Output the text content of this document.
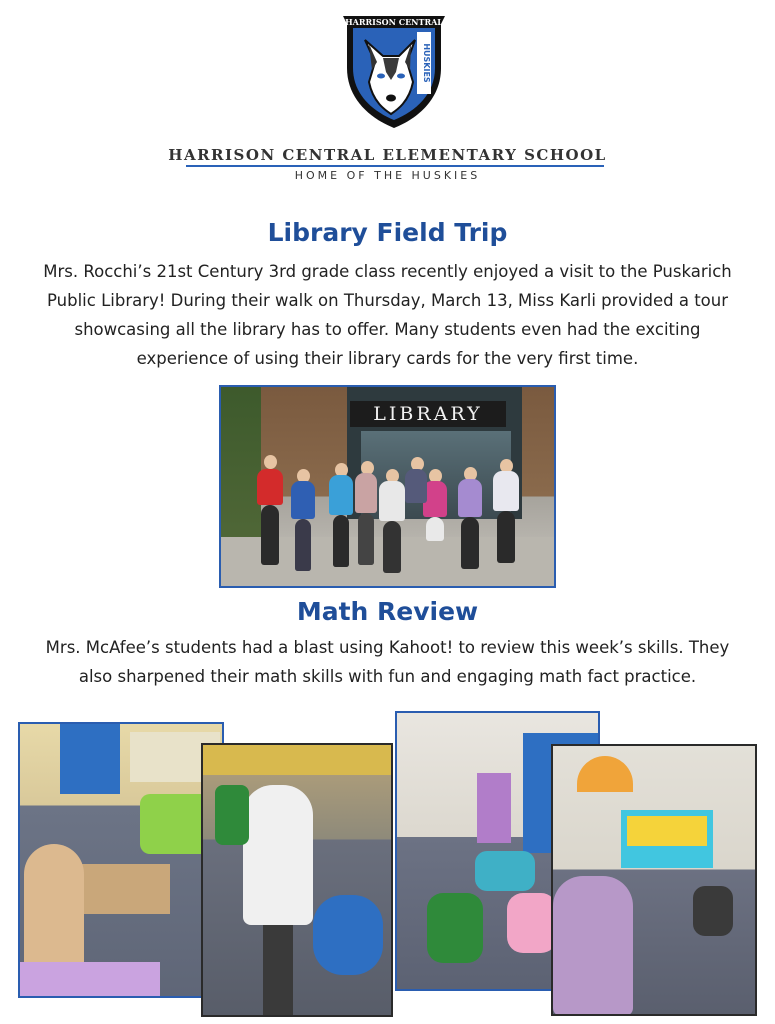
HARRISON CENTRAL
HUSKIES
HARRISON CENTRAL ELEMENTARY SCHOOL
HOME OF THE HUSKIES
Library Field Trip

Mrs. Rocchi’s 21st Century 3rd grade class recently enjoyed a visit to the Puskarich Public Library! During their walk on Thursday, March 13, Miss Karli provided a tour showcasing all the library has to offer. Many students even had the exciting experience of using their library cards for the very first time.

LIBRARY
Math Review

Mrs. McAfee’s students had a blast using Kahoot! to review this week’s skills. They also sharpened their math skills with fun and engaging math fact practice.
